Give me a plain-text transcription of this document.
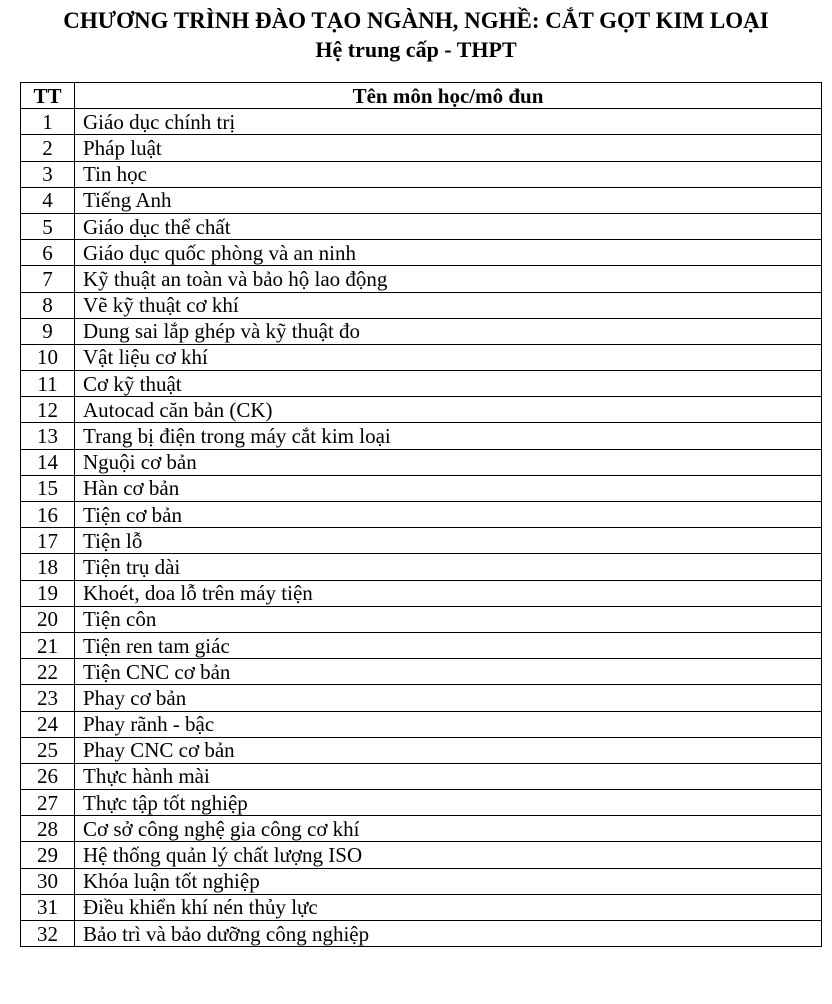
CHƯƠNG TRÌNH ĐÀO TẠO NGÀNH, NGHỀ: CẮT GỌT KIM LOẠI
Hệ trung cấp - THPT
TT	Tên môn học/mô đun
1	Giáo dục chính trị
2	Pháp luật
3	Tin học
4	Tiếng Anh
5	Giáo dục thể chất
6	Giáo dục quốc phòng và an ninh
7	Kỹ thuật an toàn và bảo hộ lao động
8	Vẽ kỹ thuật cơ khí
9	Dung sai lắp ghép và kỹ thuật đo
10	Vật liệu cơ khí
11	Cơ kỹ thuật
12	Autocad căn bản (CK)
13	Trang bị điện trong máy cắt kim loại
14	Nguội cơ bản
15	Hàn cơ bản
16	Tiện cơ bản
17	Tiện lỗ
18	Tiện trụ dài
19	Khoét, doa lỗ trên máy tiện
20	Tiện côn
21	Tiện ren tam giác
22	Tiện CNC cơ bản
23	Phay cơ bản
24	Phay rãnh - bậc
25	Phay CNC cơ bản
26	Thực hành mài
27	Thực tập tốt nghiệp
28	Cơ sở công nghệ gia công cơ khí
29	Hệ thống quản lý chất lượng ISO
30	Khóa luận tốt nghiệp
31	Điều khiển khí nén thủy lực
32	Bảo trì và bảo dưỡng công nghiệp
